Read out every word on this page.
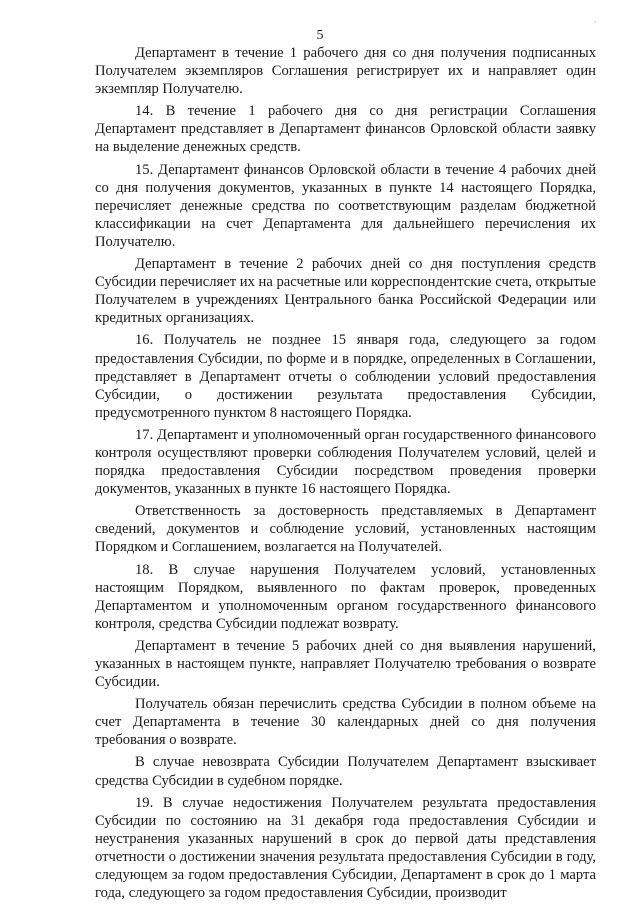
'
5

Департамент в течение 1 рабочего дня со дня получения подписанных Получателем экземпляров Соглашения регистрирует их и направляет один экземпляр Получателю.

14. В течение 1 рабочего дня со дня регистрации Соглашения Департамент представляет в Департамент финансов Орловской области заявку на выделение денежных средств.

15. Департамент финансов Орловской области в течение 4 рабочих дней со дня получения документов, указанных в пункте 14 настоящего Порядка, перечисляет денежные средства по соответствующим разделам бюджетной классификации на счет Департамента для дальнейшего перечисления их Получателю.

Департамент в течение 2 рабочих дней со дня поступления средств Субсидии перечисляет их на расчетные или корреспондентские счета, открытые Получателем в учреждениях Центрального банка Российской Федерации или кредитных организациях.

16. Получатель не позднее 15 января года, следующего за годом предоставления Субсидии, по форме и в порядке, определенных в Соглашении, представляет в Департамент отчеты о соблюдении условий предоставления Субсидии, о достижении результата предоставления Субсидии, предусмотренного пунктом 8 настоящего Порядка.

17. Департамент и уполномоченный орган государственного финансового контроля осуществляют проверки соблюдения Получателем условий, целей и порядка предоставления Субсидии посредством проведения проверки документов, указанных в пункте 16 настоящего Порядка.

Ответственность за достоверность представляемых в Департамент сведений, документов и соблюдение условий, установленных настоящим Порядком и Соглашением, возлагается на Получателей.

18. В случае нарушения Получателем условий, установленных настоящим Порядком, выявленного по фактам проверок, проведенных Департаментом и уполномоченным органом государственного финансового контроля, средства Субсидии подлежат возврату.

Департамент в течение 5 рабочих дней со дня выявления нарушений, указанных в настоящем пункте, направляет Получателю требования о возврате Субсидии.

Получатель обязан перечислить средства Субсидии в полном объеме на счет Департамента в течение 30 календарных дней со дня получения требования о возврате.

В случае невозврата Субсидии Получателем Департамент взыскивает средства Субсидии в судебном порядке.

19. В случае недостижения Получателем результата предоставления Субсидии по состоянию на 31 декабря года предоставления Субсидии и неустранения указанных нарушений в срок до первой даты представления отчетности о достижении значения результата предоставления Субсидии в году, следующем за годом предоставления Субсидии, Департамент в срок до 1 марта года, следующего за годом предоставления Субсидии, производит
